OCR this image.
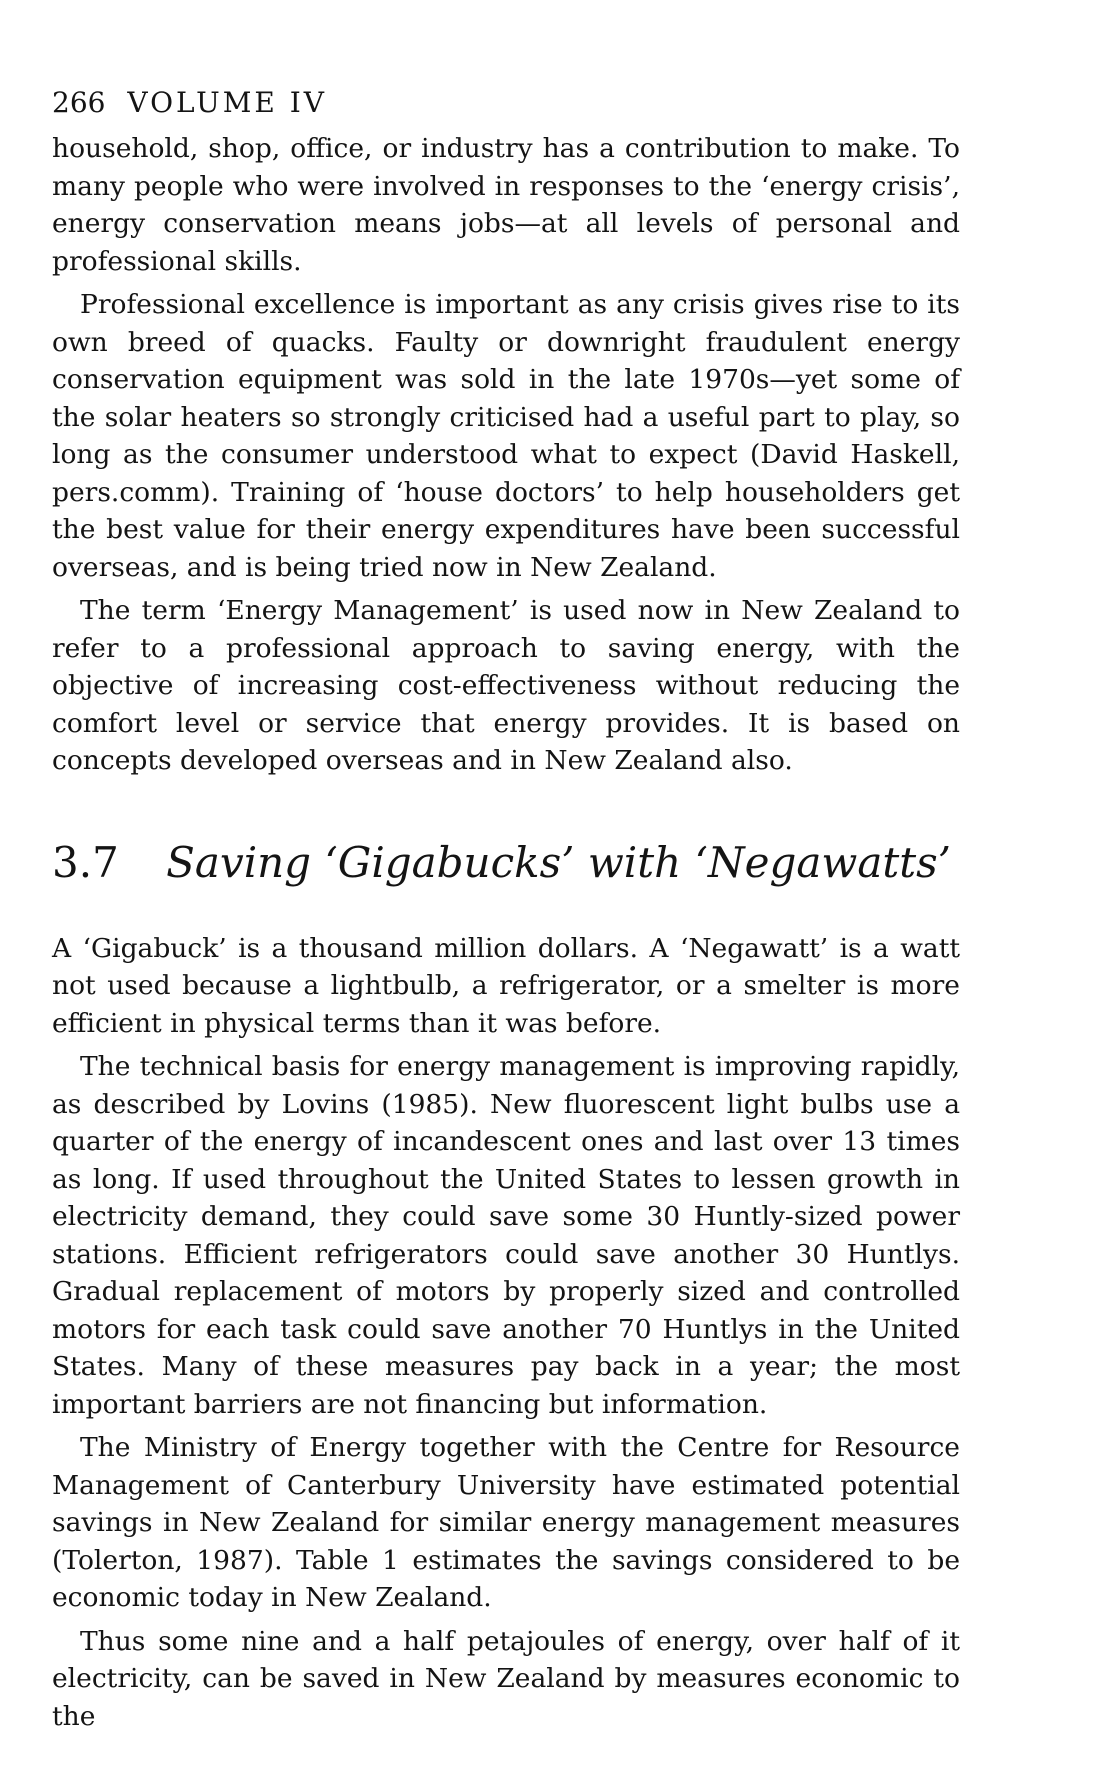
266 VOLUME IV

household, shop, office, or industry has a contribution to make. To many people who were involved in responses to the ‘energy crisis’, energy conservation means jobs—at all levels of personal and professional skills.

Professional excellence is important as any crisis gives rise to its own breed of quacks. Faulty or downright fraudulent energy conservation equipment was sold in the late 1970s—yet some of the solar heaters so strongly criticised had a useful part to play, so long as the consumer understood what to expect (David Haskell, pers.comm). Training of ‘house doctors’ to help householders get the best value for their energy expenditures have been successful overseas, and is being tried now in New Zealand.

The term ‘Energy Management’ is used now in New Zealand to refer to a professional approach to saving energy, with the objective of increasing cost-effectiveness without reducing the comfort level or service that energy provides. It is based on concepts developed overseas and in New Zealand also.

3.7 Saving ‘Gigabucks’ with ‘Negawatts’

A ‘Gigabuck’ is a thousand million dollars. A ‘Negawatt’ is a watt not used because a lightbulb, a refrigerator, or a smelter is more efficient in physical terms than it was before.

The technical basis for energy management is improving rapidly, as described by Lovins (1985). New fluorescent light bulbs use a quarter of the energy of incandescent ones and last over 13 times as long. If used throughout the United States to lessen growth in electricity demand, they could save some 30 Huntly-sized power stations. Efficient refrigerators could save another 30 Huntlys. Gradual replacement of motors by properly sized and controlled motors for each task could save another 70 Huntlys in the United States. Many of these measures pay back in a year; the most important barriers are not financing but information.

The Ministry of Energy together with the Centre for Resource Management of Canterbury University have estimated potential savings in New Zealand for similar energy management measures (Tolerton, 1987). Table 1 estimates the savings considered to be economic today in New Zealand.

Thus some nine and a half petajoules of energy, over half of it electricity, can be saved in New Zealand by measures economic to the
